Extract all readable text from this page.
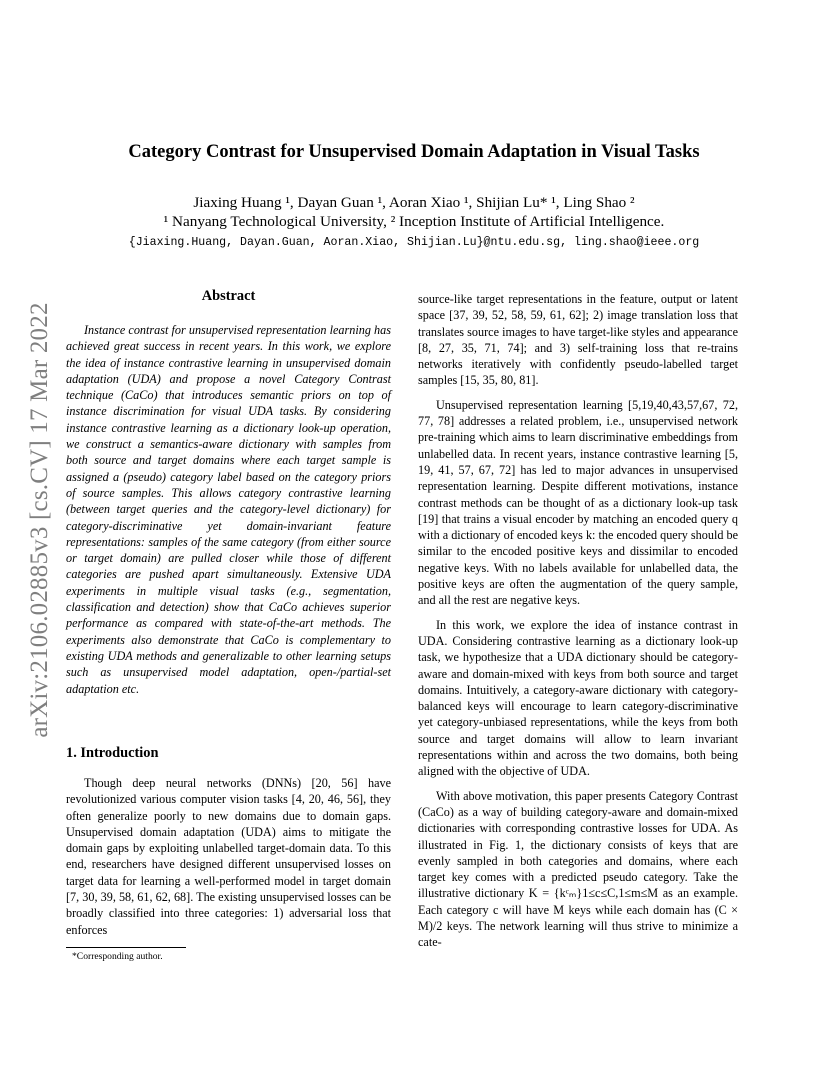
arXiv:2106.02885v3 [cs.CV] 17 Mar 2022
Category Contrast for Unsupervised Domain Adaptation in Visual Tasks
Jiaxing Huang ¹, Dayan Guan ¹, Aoran Xiao ¹, Shijian Lu* ¹, Ling Shao ²
¹ Nanyang Technological University, ² Inception Institute of Artificial Intelligence.
{Jiaxing.Huang, Dayan.Guan, Aoran.Xiao, Shijian.Lu}@ntu.edu.sg, ling.shao@ieee.org
Abstract

Instance contrast for unsupervised representation learning has achieved great success in recent years. In this work, we explore the idea of instance contrastive learning in unsupervised domain adaptation (UDA) and propose a novel Category Contrast technique (CaCo) that introduces semantic priors on top of instance discrimination for visual UDA tasks. By considering instance contrastive learning as a dictionary look-up operation, we construct a semantics-aware dictionary with samples from both source and target domains where each target sample is assigned a (pseudo) category label based on the category priors of source samples. This allows category contrastive learning (between target queries and the category-level dictionary) for category-discriminative yet domain-invariant feature representations: samples of the same category (from either source or target domain) are pulled closer while those of different categories are pushed apart simultaneously. Extensive UDA experiments in multiple visual tasks (e.g., segmentation, classification and detection) show that CaCo achieves superior performance as compared with state-of-the-art methods. The experiments also demonstrate that CaCo is complementary to existing UDA methods and generalizable to other learning setups such as unsupervised model adaptation, open-/partial-set adaptation etc.

1. Introduction

Though deep neural networks (DNNs) [20, 56] have revolutionized various computer vision tasks [4, 20, 46, 56], they often generalize poorly to new domains due to domain gaps. Unsupervised domain adaptation (UDA) aims to mitigate the domain gaps by exploiting unlabelled target-domain data. To this end, researchers have designed different unsupervised losses on target data for learning a well-performed model in target domain [7, 30, 39, 58, 61, 62, 68]. The existing unsupervised losses can be broadly classified into three categories: 1) adversarial loss that enforces

*Corresponding author.

source-like target representations in the feature, output or latent space [37, 39, 52, 58, 59, 61, 62]; 2) image translation loss that translates source images to have target-like styles and appearance [8, 27, 35, 71, 74]; and 3) self-training loss that re-trains networks iteratively with confidently pseudo-labelled target samples [15, 35, 80, 81].

Unsupervised representation learning [5,19,40,43,57,67, 72, 77, 78] addresses a related problem, i.e., unsupervised network pre-training which aims to learn discriminative embeddings from unlabelled data. In recent years, instance contrastive learning [5, 19, 41, 57, 67, 72] has led to major advances in unsupervised representation learning. Despite different motivations, instance contrast methods can be thought of as a dictionary look-up task [19] that trains a visual encoder by matching an encoded query q with a dictionary of encoded keys k: the encoded query should be similar to the encoded positive keys and dissimilar to encoded negative keys. With no labels available for unlabelled data, the positive keys are often the augmentation of the query sample, and all the rest are negative keys.

In this work, we explore the idea of instance contrast in UDA. Considering contrastive learning as a dictionary look-up task, we hypothesize that a UDA dictionary should be category-aware and domain-mixed with keys from both source and target domains. Intuitively, a category-aware dictionary with category-balanced keys will encourage to learn category-discriminative yet category-unbiased representations, while the keys from both source and target domains will allow to learn invariant representations within and across the two domains, both being aligned with the objective of UDA.

With above motivation, this paper presents Category Contrast (CaCo) as a way of building category-aware and domain-mixed dictionaries with corresponding contrastive losses for UDA. As illustrated in Fig. 1, the dictionary consists of keys that are evenly sampled in both categories and domains, where each target key comes with a predicted pseudo category. Take the illustrative dictionary K = {kᶜₘ}1≤c≤C,1≤m≤M as an example. Each category c will have M keys while each domain has (C × M)/2 keys. The network learning will thus strive to minimize a cate-
